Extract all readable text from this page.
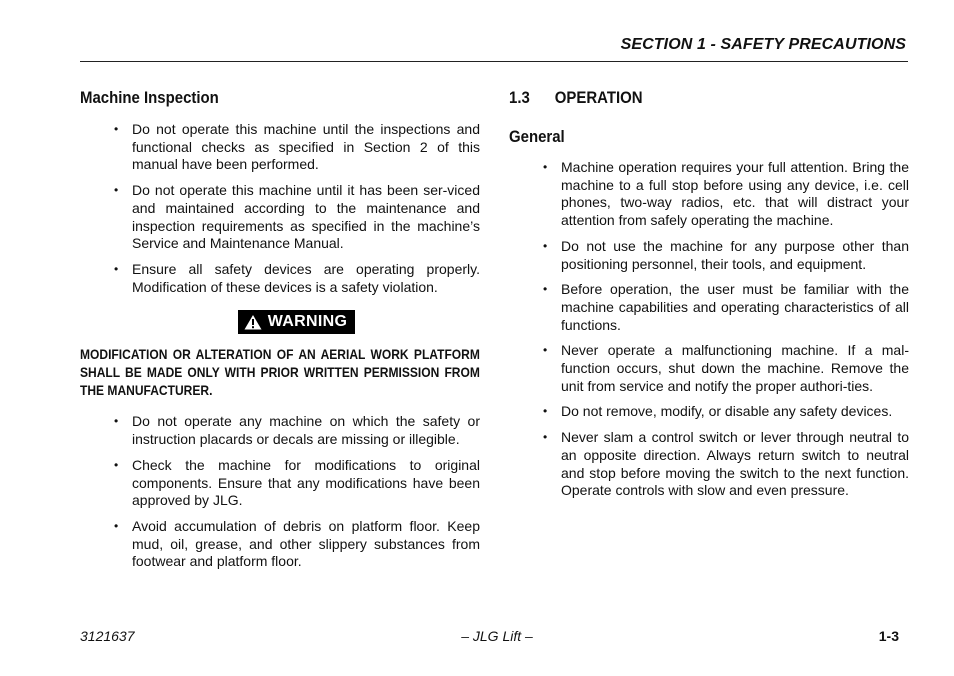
SECTION 1 - SAFETY PRECAUTIONS
Machine Inspection
• Do not operate this machine until the inspections and functional checks as specified in Section 2 of this manual have been performed.
• Do not operate this machine until it has been ser-viced and maintained according to the maintenance and inspection requirements as specified in the machine’s Service and Maintenance Manual.
• Ensure all safety devices are operating properly. Modification of these devices is a safety violation.
WARNING
MODIFICATION OR ALTERATION OF AN AERIAL WORK PLATFORM SHALL BE MADE ONLY WITH PRIOR WRITTEN PERMISSION FROM THE MANUFACTURER.
• Do not operate any machine on which the safety or instruction placards or decals are missing or illegible.
• Check the machine for modifications to original components. Ensure that any modifications have been approved by JLG.
• Avoid accumulation of debris on platform floor. Keep mud, oil, grease, and other slippery substances from footwear and platform floor.
1.3 OPERATION
General
• Machine operation requires your full attention. Bring the machine to a full stop before using any device, i.e. cell phones, two-way radios, etc. that will distract your attention from safely operating the machine.
• Do not use the machine for any purpose other than positioning personnel, their tools, and equipment.
• Before operation, the user must be familiar with the machine capabilities and operating characteristics of all functions.
• Never operate a malfunctioning machine. If a mal-function occurs, shut down the machine. Remove the unit from service and notify the proper authori-ties.
• Do not remove, modify, or disable any safety devices.
• Never slam a control switch or lever through neutral to an opposite direction. Always return switch to neutral and stop before moving the switch to the next function. Operate controls with slow and even pressure.
3121637	– JLG Lift –	1-3
